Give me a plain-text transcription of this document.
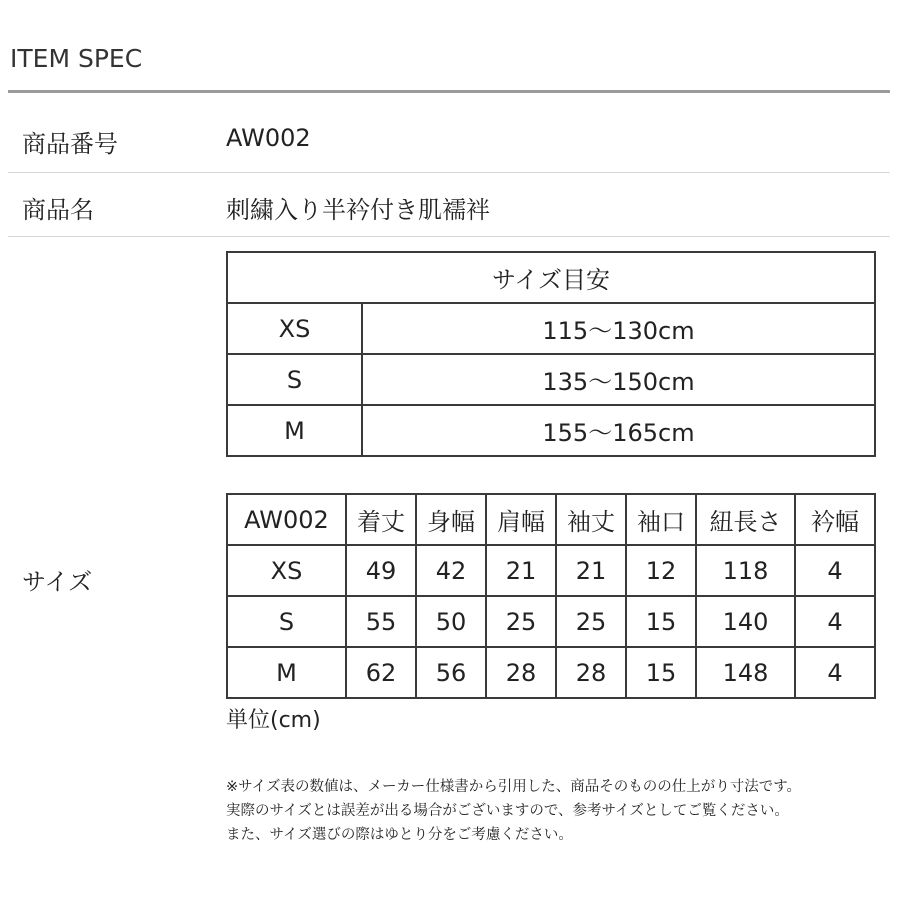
ITEM SPEC
商品番号	AW002
商品名	刺繍入り半衿付き肌襦袢
サイズ
サイズ目安	
XS	115〜130cm
S	135〜150cm
M	155〜165cm
AW002	着丈	身幅	肩幅	袖丈	袖口	紐長さ	衿幅
XS	49	42	21	21	12	118	4
S	55	50	25	25	15	140	4
M	62	56	28	28	15	148	4
単位(cm)
※サイズ表の数値は、メーカー仕様書から引用した、商品そのものの仕上がり寸法です。
実際のサイズとは誤差が出る場合がございますので、参考サイズとしてご覧ください。
また、サイズ選びの際はゆとり分をご考慮ください。
